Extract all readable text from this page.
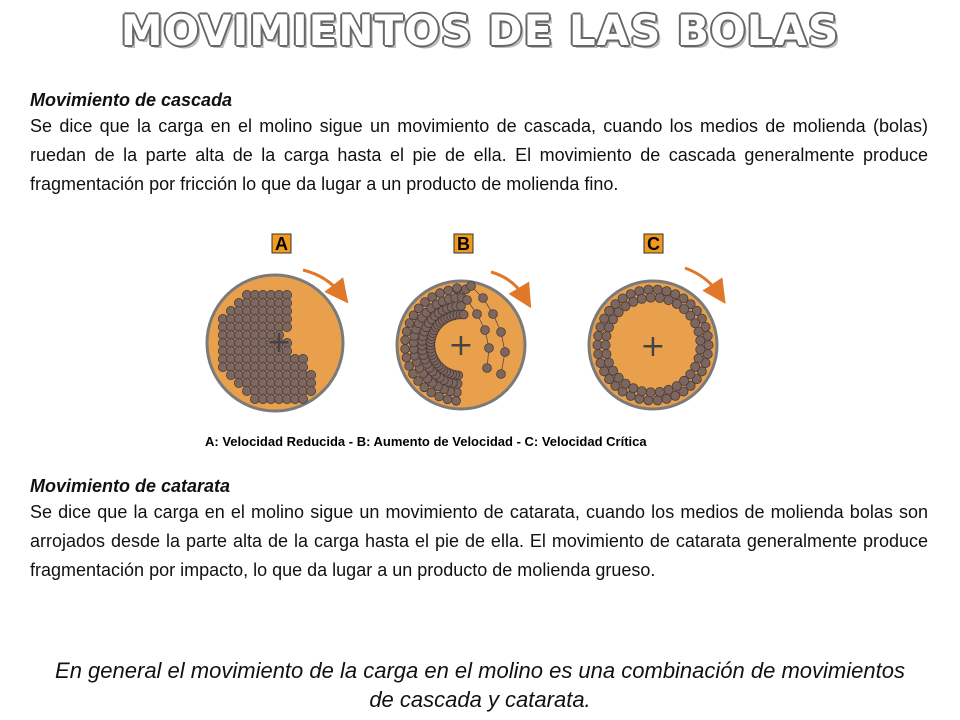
MOVIMIENTOS DE LAS BOLAS

Movimiento de cascada

Se dice que la carga en el molino sigue un movimiento de cascada, cuando los medios de molienda (bolas) ruedan de la parte alta de la carga hasta el pie de ella. El movimiento de cascada generalmente produce fragmentación por fricción lo que da lugar a un producto de molienda fino.

A	B	C
+	+	+
A: Velocidad Reducida - B: Aumento de Velocidad - C: Velocidad Crítica

Movimiento de catarata

Se dice que la carga en el molino sigue un movimiento de catarata, cuando los medios de molienda bolas son arrojados desde la parte alta de la carga hasta el pie de ella. El movimiento de catarata generalmente produce fragmentación por impacto, lo que da lugar a un producto de molienda grueso.

En general el movimiento de la carga en el molino es una combinación de movimientos de cascada y catarata.
